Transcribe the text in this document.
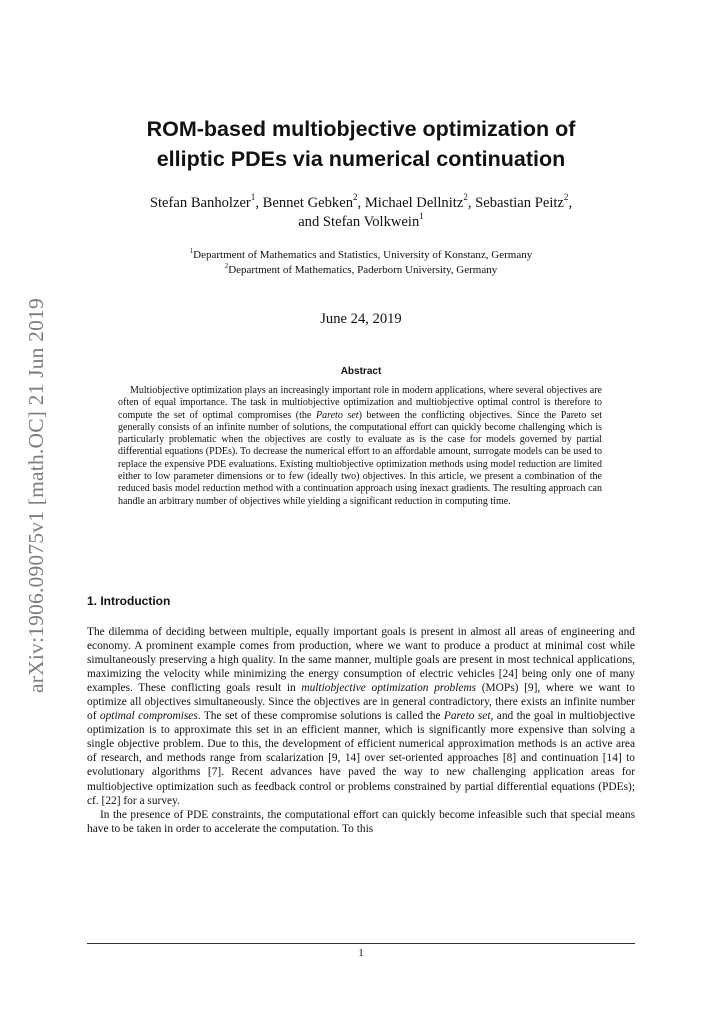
arXiv:1906.09075v1 [math.OC] 21 Jun 2019
ROM-based multiobjective optimization of
elliptic PDEs via numerical continuation
Stefan Banholzer$^1$, Bennet Gebken$^2$, Michael Dellnitz$^2$, Sebastian Peitz$^2$,
and Stefan Volkwein$^1$
$^1$Department of Mathematics and Statistics, University of Konstanz, Germany
$^2$Department of Mathematics, Paderborn University, Germany
June 24, 2019
Abstract

Multiobjective optimization plays an increasingly important role in modern applications, where several objectives are often of equal importance. The task in multiobjective optimization and multiobjective optimal control is therefore to compute the set of optimal compromises (the Pareto set) between the conflicting objectives. Since the Pareto set generally consists of an infinite number of solutions, the computational effort can quickly become challenging which is particularly problematic when the objectives are costly to evaluate as is the case for models governed by partial differential equations (PDEs). To decrease the numerical effort to an affordable amount, surrogate models can be used to replace the expensive PDE evaluations. Existing multiobjective optimization methods using model reduction are limited either to low parameter dimensions or to few (ideally two) objectives. In this article, we present a combination of the reduced basis model reduction method with a continuation approach using inexact gradients. The resulting approach can handle an arbitrary number of objectives while yielding a significant reduction in computing time.

1. Introduction

The dilemma of deciding between multiple, equally important goals is present in almost all areas of engineering and economy. A prominent example comes from production, where we want to produce a product at minimal cost while simultaneously preserving a high quality. In the same manner, multiple goals are present in most technical applications, maximizing the velocity while minimizing the energy consumption of electric vehicles [24] being only one of many examples. These conflicting goals result in multiobjective optimization problems (MOPs) [9], where we want to optimize all objectives simultaneously. Since the objectives are in general contradictory, there exists an infinite number of optimal compromises. The set of these compromise solutions is called the Pareto set, and the goal in multiobjective optimization is to approximate this set in an efficient manner, which is significantly more expensive than solving a single objective problem. Due to this, the development of efficient numerical approximation methods is an active area of research, and methods range from scalarization [9, 14] over set-oriented approaches [8] and continuation [14] to evolutionary algorithms [7]. Recent advances have paved the way to new challenging application areas for multiobjective optimization such as feedback control or problems constrained by partial differential equations (PDEs); cf. [22] for a survey.

In the presence of PDE constraints, the computational effort can quickly become infeasible such that special means have to be taken in order to accelerate the computation. To this

1
